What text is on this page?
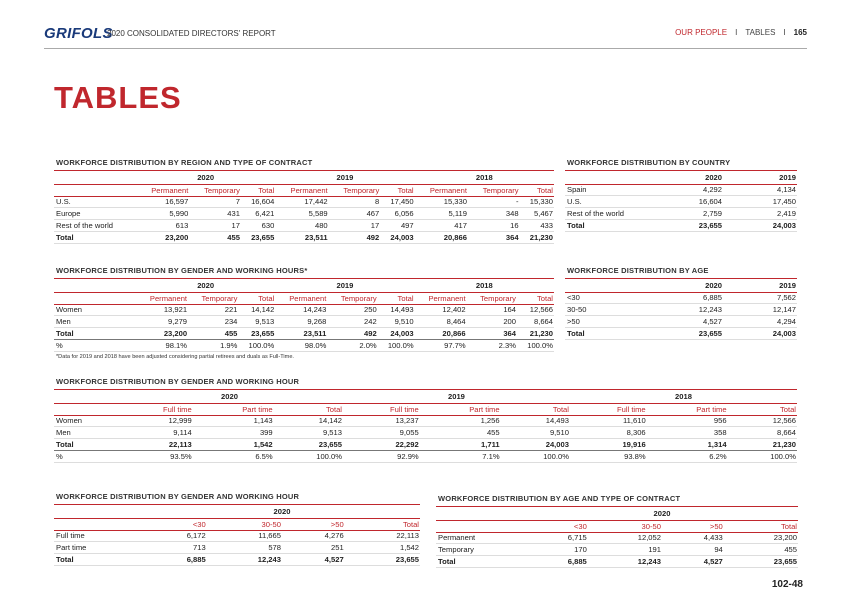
GRIFOLS
2020 CONSOLIDATED DIRECTORS' REPORT	OUR PEOPLE I TABLES I 165
TABLES
WORKFORCE DISTRIBUTION BY REGION AND TYPE OF CONTRACT
	2020			2019			2018		
	Permanent	Temporary	Total	Permanent	Temporary	Total	Permanent	Temporary	Total
U.S.	16,597	7	16,604	17,442	8	17,450	15,330	-	15,330
Europe	5,990	431	6,421	5,589	467	6,056	5,119	348	5,467
Rest of the world	613	17	630	480	17	497	417	16	433
Total	23,200	455	23,655	23,511	492	24,003	20,866	364	21,230
WORKFORCE DISTRIBUTION BY COUNTRY
	2020	2019
Spain	4,292	4,134
U.S.	16,604	17,450
Rest of the world	2,759	2,419
Total	23,655	24,003
WORKFORCE DISTRIBUTION BY GENDER AND WORKING HOURS*
	2020			2019			2018		
	Permanent	Temporary	Total	Permanent	Temporary	Total	Permanent	Temporary	Total
Women	13,921	221	14,142	14,243	250	14,493	12,402	164	12,566
Men	9,279	234	9,513	9,268	242	9,510	8,464	200	8,664
Total	23,200	455	23,655	23,511	492	24,003	20,866	364	21,230
%	98.1%	1.9%	100.0%	98.0%	2.0%	100.0%	97.7%	2.3%	100.0%
*Data for 2019 and 2018 have been adjusted considering partial retirees and duals as Full-Time.
WORKFORCE DISTRIBUTION BY AGE
	2020	2019
<30	6,885	7,562
30-50	12,243	12,147
>50	4,527	4,294
Total	23,655	24,003
WORKFORCE DISTRIBUTION BY GENDER AND WORKING HOUR
	2020			2019			2018		
	Full time	Part time	Total	Full time	Part time	Total	Full time	Part time	Total
Women	12,999	1,143	14,142	13,237	1,256	14,493	11,610	956	12,566
Men	9,114	399	9,513	9,055	455	9,510	8,306	358	8,664
Total	22,113	1,542	23,655	22,292	1,711	24,003	19,916	1,314	21,230
%	93.5%	6.5%	100.0%	92.9%	7.1%	100.0%	93.8%	6.2%	100.0%
WORKFORCE DISTRIBUTION BY GENDER AND WORKING HOUR
	2020			
	<30	30-50	>50	Total
Full time	6,172	11,665	4,276	22,113
Part time	713	578	251	1,542
Total	6,885	12,243	4,527	23,655
WORKFORCE DISTRIBUTION BY AGE AND TYPE OF CONTRACT
	2020			
	<30	30-50	>50	Total
Permanent	6,715	12,052	4,433	23,200
Temporary	170	191	94	455
Total	6,885	12,243	4,527	23,655
102-48
